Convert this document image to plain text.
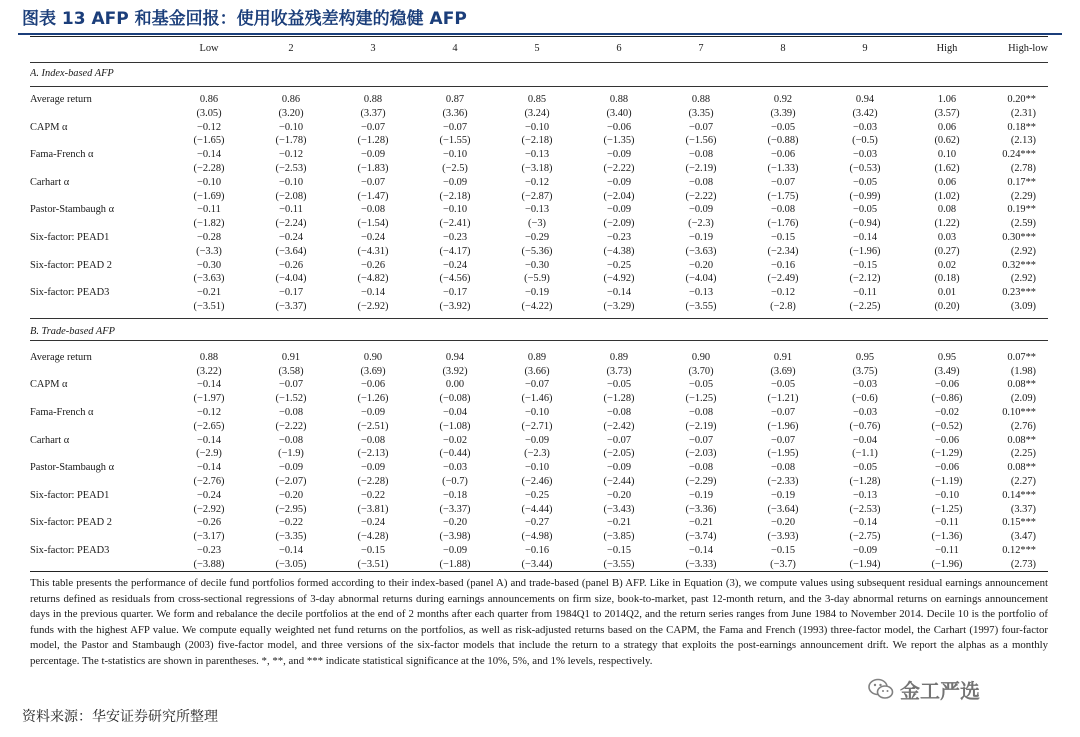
图表 13 AFP 和基金回报：使用收益残差构建的稳健 AFP
	Low	2	3	4	5	6	7	8	9	High	High-low
A. Index-based AFP											

Average return	0.86	0.86	0.88	0.87	0.85	0.88	0.88	0.92	0.94	1.06	0.20**
	(3.05)	(3.20)	(3.37)	(3.36)	(3.24)	(3.40)	(3.35)	(3.39)	(3.42)	(3.57)	(2.31)
CAPM α	−0.12	−0.10	−0.07	−0.07	−0.10	−0.06	−0.07	−0.05	−0.03	0.06	0.18**
	(−1.65)	(−1.78)	(−1.28)	(−1.55)	(−2.18)	(−1.35)	(−1.56)	(−0.88)	(−0.5)	(0.62)	(2.13)
Fama-French α	−0.14	−0.12	−0.09	−0.10	−0.13	−0.09	−0.08	−0.06	−0.03	0.10	0.24***
	(−2.28)	(−2.53)	(−1.83)	(−2.5)	(−3.18)	(−2.22)	(−2.19)	(−1.33)	(−0.53)	(1.62)	(2.78)
Carhart α	−0.10	−0.10	−0.07	−0.09	−0.12	−0.09	−0.08	−0.07	−0.05	0.06	0.17**
	(−1.69)	(−2.08)	(−1.47)	(−2.18)	(−2.87)	(−2.04)	(−2.22)	(−1.75)	(−0.99)	(1.02)	(2.29)
Pastor-Stambaugh α	−0.11	−0.11	−0.08	−0.10	−0.13	−0.09	−0.09	−0.08	−0.05	0.08	0.19**
	(−1.82)	(−2.24)	(−1.54)	(−2.41)	(−3)	(−2.09)	(−2.3)	(−1.76)	(−0.94)	(1.22)	(2.59)
Six-factor: PEAD1	−0.28	−0.24	−0.24	−0.23	−0.29	−0.23	−0.19	−0.15	−0.14	0.03	0.30***
	(−3.3)	(−3.64)	(−4.31)	(−4.17)	(−5.36)	(−4.38)	(−3.63)	(−2.34)	(−1.96)	(0.27)	(2.92)
Six-factor: PEAD 2	−0.30	−0.26	−0.26	−0.24	−0.30	−0.25	−0.20	−0.16	−0.15	0.02	0.32***
	(−3.63)	(−4.04)	(−4.82)	(−4.56)	(−5.9)	(−4.92)	(−4.04)	(−2.49)	(−2.12)	(0.18)	(2.92)
Six-factor: PEAD3	−0.21	−0.17	−0.14	−0.17	−0.19	−0.14	−0.13	−0.12	−0.11	0.01	0.23***
	(−3.51)	(−3.37)	(−2.92)	(−3.92)	(−4.22)	(−3.29)	(−3.55)	(−2.8)	(−2.25)	(0.20)	(3.09)

B. Trade-based AFP											

Average return	0.88	0.91	0.90	0.94	0.89	0.89	0.90	0.91	0.95	0.95	0.07**
	(3.22)	(3.58)	(3.69)	(3.92)	(3.66)	(3.73)	(3.70)	(3.69)	(3.75)	(3.49)	(1.98)
CAPM α	−0.14	−0.07	−0.06	0.00	−0.07	−0.05	−0.05	−0.05	−0.03	−0.06	0.08**
	(−1.97)	(−1.52)	(−1.26)	(−0.08)	(−1.46)	(−1.28)	(−1.25)	(−1.21)	(−0.6)	(−0.86)	(2.09)
Fama-French α	−0.12	−0.08	−0.09	−0.04	−0.10	−0.08	−0.08	−0.07	−0.03	−0.02	0.10***
	(−2.65)	(−2.22)	(−2.51)	(−1.08)	(−2.71)	(−2.42)	(−2.19)	(−1.96)	(−0.76)	(−0.52)	(2.76)
Carhart α	−0.14	−0.08	−0.08	−0.02	−0.09	−0.07	−0.07	−0.07	−0.04	−0.06	0.08**
	(−2.9)	(−1.9)	(−2.13)	(−0.44)	(−2.3)	(−2.05)	(−2.03)	(−1.95)	(−1.1)	(−1.29)	(2.25)
Pastor-Stambaugh α	−0.14	−0.09	−0.09	−0.03	−0.10	−0.09	−0.08	−0.08	−0.05	−0.06	0.08**
	(−2.76)	(−2.07)	(−2.28)	(−0.7)	(−2.46)	(−2.44)	(−2.29)	(−2.33)	(−1.28)	(−1.19)	(2.27)
Six-factor: PEAD1	−0.24	−0.20	−0.22	−0.18	−0.25	−0.20	−0.19	−0.19	−0.13	−0.10	0.14***
	(−2.92)	(−2.95)	(−3.81)	(−3.37)	(−4.44)	(−3.43)	(−3.36)	(−3.64)	(−2.53)	(−1.25)	(3.37)
Six-factor: PEAD 2	−0.26	−0.22	−0.24	−0.20	−0.27	−0.21	−0.21	−0.20	−0.14	−0.11	0.15***
	(−3.17)	(−3.35)	(−4.28)	(−3.98)	(−4.98)	(−3.85)	(−3.74)	(−3.93)	(−2.75)	(−1.36)	(3.47)
Six-factor: PEAD3	−0.23	−0.14	−0.15	−0.09	−0.16	−0.15	−0.14	−0.15	−0.09	−0.11	0.12***
	(−3.88)	(−3.05)	(−3.51)	(−1.88)	(−3.44)	(−3.55)	(−3.33)	(−3.7)	(−1.94)	(−1.96)	(2.73)
This table presents the performance of decile fund portfolios formed according to their index-based (panel A) and trade-based (panel B) AFP. Like in Equation (3), we compute values using subsequent residual earnings announcement returns defined as residuals from cross-sectional regressions of 3-day abnormal returns during earnings announcements on firm size, book-to-market, past 12-month return, and the 3-day abnormal returns on earnings announcement days in the previous quarter. We form and rebalance the decile portfolios at the end of 2 months after each quarter from 1984Q1 to 2014Q2, and the return series ranges from June 1984 to November 2014. Decile 10 is the portfolio of funds with the highest AFP value. We compute equally weighted net fund returns on the portfolios, as well as risk-adjusted returns based on the CAPM, the Fama and French (1993) three-factor model, the Carhart (1997) four-factor model, the Pastor and Stambaugh (2003) five-factor model, and three versions of the six-factor models that include the return to a strategy that exploits the post-earnings announcement drift. We report the alphas as a monthly percentage. The t-statistics are shown in parentheses. *, **, and *** indicate statistical significance at the 10%, 5%, and 1% levels, respectively.
资料来源：华安证券研究所整理
金工严选
